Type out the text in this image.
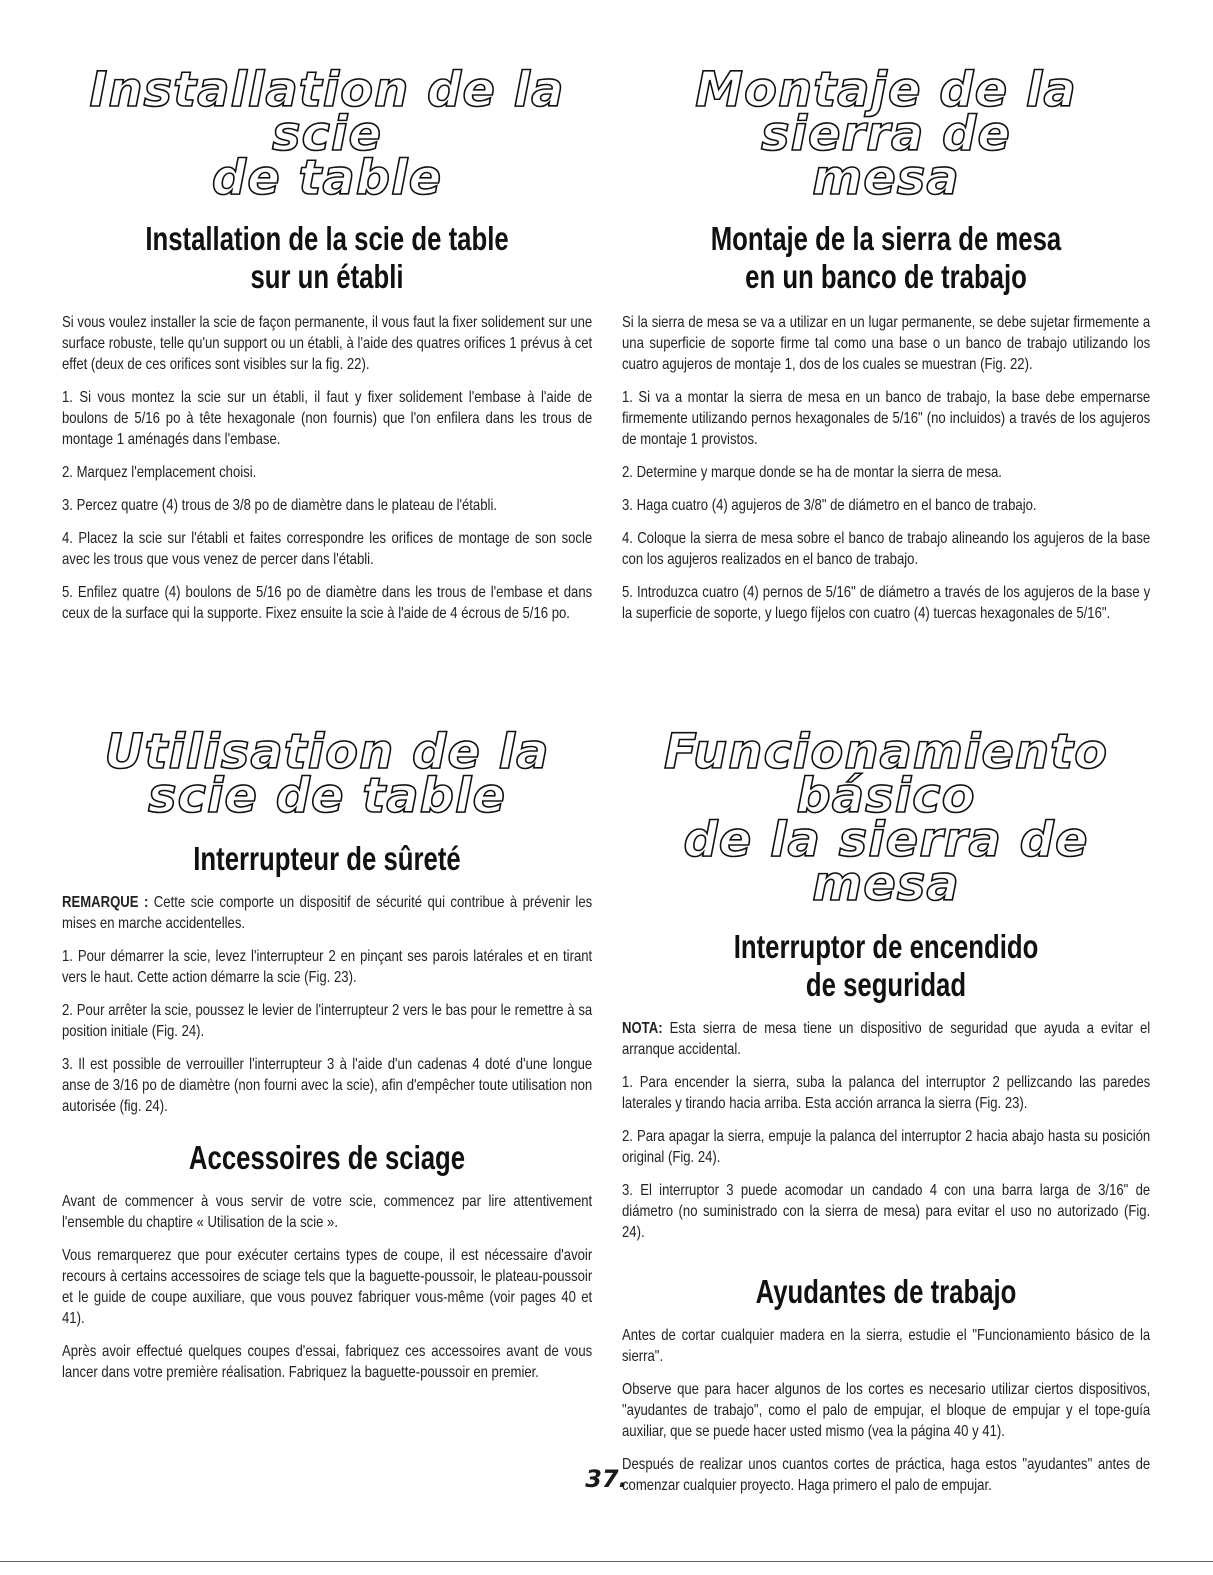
Installation de la scie
de table
Installation de la scie de table
sur un établi

Si vous voulez installer la scie de façon permanente, il vous faut la fixer solidement sur une surface robuste, telle qu'un support ou un établi, à l'aide des quatres orifices 1 prévus à cet effet (deux de ces orifices sont visibles sur la fig. 22).

1. Si vous montez la scie sur un établi, il faut y fixer solidement l'embase à l'aide de boulons de 5/16 po à tête hexagonale (non fournis) que l'on enfilera dans les trous de montage 1 aménagés dans l'embase.

2. Marquez l'emplacement choisi.

3. Percez quatre (4) trous de 3/8 po de diamètre dans le plateau de l'établi.

4. Placez la scie sur l'établi et faites correspondre les orifices de montage de son socle avec les trous que vous venez de percer dans l'établi.

5. Enfilez quatre (4) boulons de 5/16 po de diamètre dans les trous de l'embase et dans ceux de la surface qui la supporte. Fixez ensuite la scie à l'aide de 4 écrous de 5/16 po.

Montaje de la sierra de
mesa
Montaje de la sierra de mesa
en un banco de trabajo

Si la sierra de mesa se va a utilizar en un lugar permanente, se debe sujetar firmemente a una superficie de soporte firme tal como una base o un banco de trabajo utilizando los cuatro agujeros de montaje 1, dos de los cuales se muestran (Fig. 22).

1. Si va a montar la sierra de mesa en un banco de trabajo, la base debe empernarse firmemente utilizando pernos hexagonales de 5/16" (no incluidos) a través de los agujeros de montaje 1 provistos.

2. Determine y marque donde se ha de montar la sierra de mesa.

3. Haga cuatro (4) agujeros de 3/8" de diámetro en el banco de trabajo.

4. Coloque la sierra de mesa sobre el banco de trabajo alineando los agujeros de la base con los agujeros realizados en el banco de trabajo.

5. Introduzca cuatro (4) pernos de 5/16" de diámetro a través de los agujeros de la base y la superficie de soporte, y luego fíjelos con cuatro (4) tuercas hexagonales de 5/16".

Utilisation de la
scie de table
Interrupteur de sûreté

REMARQUE : Cette scie comporte un dispositif de sécurité qui contribue à prévenir les mises en marche accidentelles.

1. Pour démarrer la scie, levez l'interrupteur 2 en pinçant ses parois latérales et en tirant vers le haut. Cette action démarre la scie (Fig. 23).

2. Pour arrêter la scie, poussez le levier de l'interrupteur 2 vers le bas pour le remettre à sa position initiale (Fig. 24).

3. Il est possible de verrouiller l'interrupteur 3 à l'aide d'un cadenas 4 doté d'une longue anse de 3/16 po de diamètre (non fourni avec la scie), afin d'empêcher toute utilisation non autorisée (fig. 24).

Accessoires de sciage

Avant de commencer à vous servir de votre scie, commencez par lire attentivement l'ensemble du chaptire « Utilisation de la scie ».

Vous remarquerez que pour exécuter certains types de coupe, il est nécessaire d'avoir recours à certains accessoires de sciage tels que la baguette-poussoir, le plateau-poussoir et le guide de coupe auxiliare, que vous pouvez fabriquer vous-même (voir pages 40 et 41).

Après avoir effectué quelques coupes d'essai, fabriquez ces accessoires avant de vous lancer dans votre première réalisation. Fabriquez la baguette-poussoir en premier.

Funcionamiento básico
de la sierra de mesa
Interruptor de encendido
de seguridad

NOTA: Esta sierra de mesa tiene un dispositivo de seguridad que ayuda a evitar el arranque accidental.

1. Para encender la sierra, suba la palanca del interruptor 2 pellizcando las paredes laterales y tirando hacia arriba. Esta acción arranca la sierra (Fig. 23).

2. Para apagar la sierra, empuje la palanca del interruptor 2 hacia abajo hasta su posición original (Fig. 24).

3. El interruptor 3 puede acomodar un candado 4 con una barra larga de 3/16" de diámetro (no suministrado con la sierra de mesa) para evitar el uso no autorizado (Fig. 24).

Ayudantes de trabajo

Antes de cortar cualquier madera en la sierra, estudie el "Funcionamiento básico de la sierra".

Observe que para hacer algunos de los cortes es necesario utilizar ciertos dispositivos, "ayudantes de trabajo", como el palo de empujar, el bloque de empujar y el tope-guía auxiliar, que se puede hacer usted mismo (vea la página 40 y 41).

Después de realizar unos cuantos cortes de práctica, haga estos "ayudantes" antes de comenzar cualquier proyecto. Haga primero el palo de empujar.

37.
